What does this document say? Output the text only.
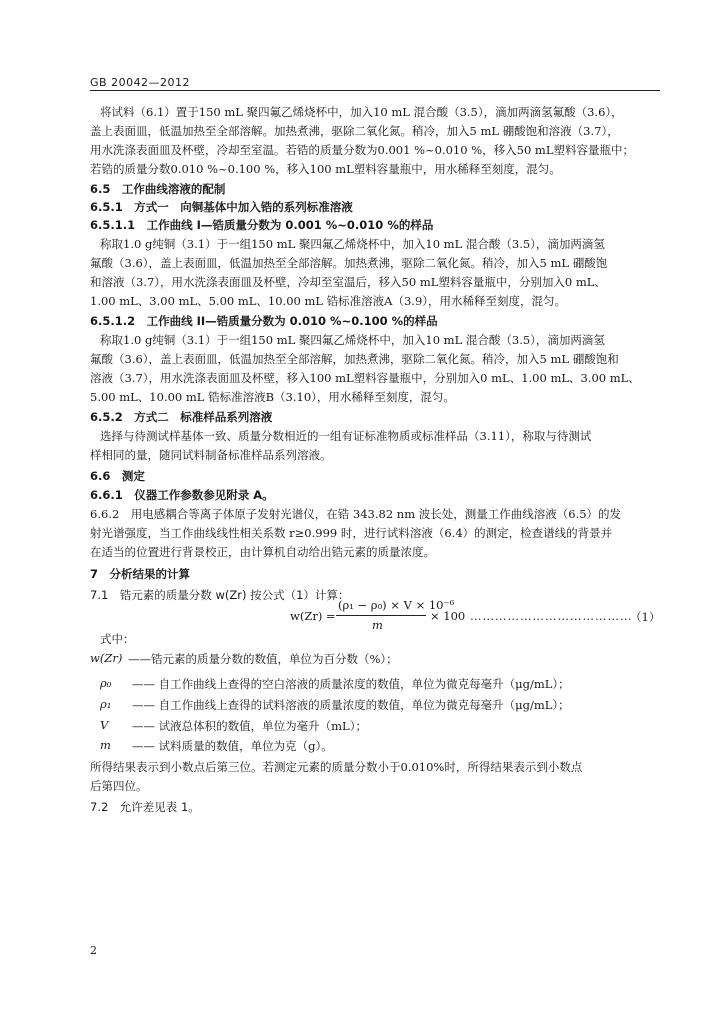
GB 20042—2012
将试料（6.1）置于150 mL 聚四氟乙烯烧杯中，加入10 mL 混合酸（3.5），滴加两滴氢氟酸（3.6），
盖上表面皿，低温加热至全部溶解。加热煮沸，驱除二氧化氮。稍冷，加入5 mL 硼酸饱和溶液（3.7），
用水洗涤表面皿及杯壁，冷却至室温。若锆的质量分数为0.001 %~0.010 %，移入50 mL塑料容量瓶中；
若锆的质量分数0.010 %~0.100 %，移入100 mL塑料容量瓶中，用水稀释至刻度，混匀。
6.5　工作曲线溶液的配制
6.5.1　方式一　向铜基体中加入锆的系列标准溶液
6.5.1.1　工作曲线 I—锆质量分数为 0.001 %~0.010 %的样品
称取1.0 g纯铜（3.1）于一组150 mL 聚四氟乙烯烧杯中，加入10 mL 混合酸（3.5），滴加两滴氢
氟酸（3.6），盖上表面皿，低温加热至全部溶解。加热煮沸，驱除二氧化氮。稍冷，加入5 mL 硼酸饱
和溶液（3.7），用水洗涤表面皿及杯壁，冷却至室温后，移入50 mL塑料容量瓶中，分别加入0 mL、
1.00 mL、3.00 mL、5.00 mL、10.00 mL 锆标准溶液A（3.9），用水稀释至刻度，混匀。
6.5.1.2　工作曲线 II—锆质量分数为 0.010 %~0.100 %的样品
称取1.0 g纯铜（3.1）于一组150 mL 聚四氟乙烯烧杯中，加入10 mL 混合酸（3.5），滴加两滴氢
氟酸（3.6），盖上表面皿，低温加热至全部溶解，加热煮沸，驱除二氧化氮。稍冷，加入5 mL 硼酸饱和
溶液（3.7），用水洗涤表面皿及杯壁，移入100 mL塑料容量瓶中，分别加入0 mL、1.00 mL、3.00 mL、
5.00 mL、10.00 mL 锆标准溶液B（3.10），用水稀释至刻度，混匀。
6.5.2　方式二　标准样品系列溶液
选择与待测试样基体一致、质量分数相近的一组有证标准物质或标准样品（3.11），称取与待测试
样相同的量，随同试料制备标准样品系列溶液。
6.6　测定
6.6.1　仪器工作参数参见附录 A。
6.6.2　用电感耦合等离子体原子发射光谱仪，在锆 343.82 nm 波长处，测量工作曲线溶液（6.5）的发
射光谱强度，当工作曲线线性相关系数 r≥0.999 时，进行试料溶液（6.4）的测定，检查谱线的背景并
在适当的位置进行背景校正，由计算机自动给出锆元素的质量浓度。
7　分析结果的计算
7.1　锆元素的质量分数 w(Zr) 按公式（1）计算：
w(Zr) =
(ρ₁ − ρ₀) × V × 10⁻⁶
m
× 100 …………………………………
（1）
式中：
w(Zr) ——锆元素的质量分数的数值，单位为百分数（%）；
ρ₀ —— 自工作曲线上查得的空白溶液的质量浓度的数值，单位为微克每毫升（μg/mL）；
ρ₁ —— 自工作曲线上查得的试料溶液的质量浓度的数值，单位为微克每毫升（μg/mL）；
V —— 试液总体积的数值，单位为毫升（mL）；
m —— 试料质量的数值，单位为克（g）。
所得结果表示到小数点后第三位。若测定元素的质量分数小于0.010%时，所得结果表示到小数点
后第四位。
7.2　允许差见表 1。
2
